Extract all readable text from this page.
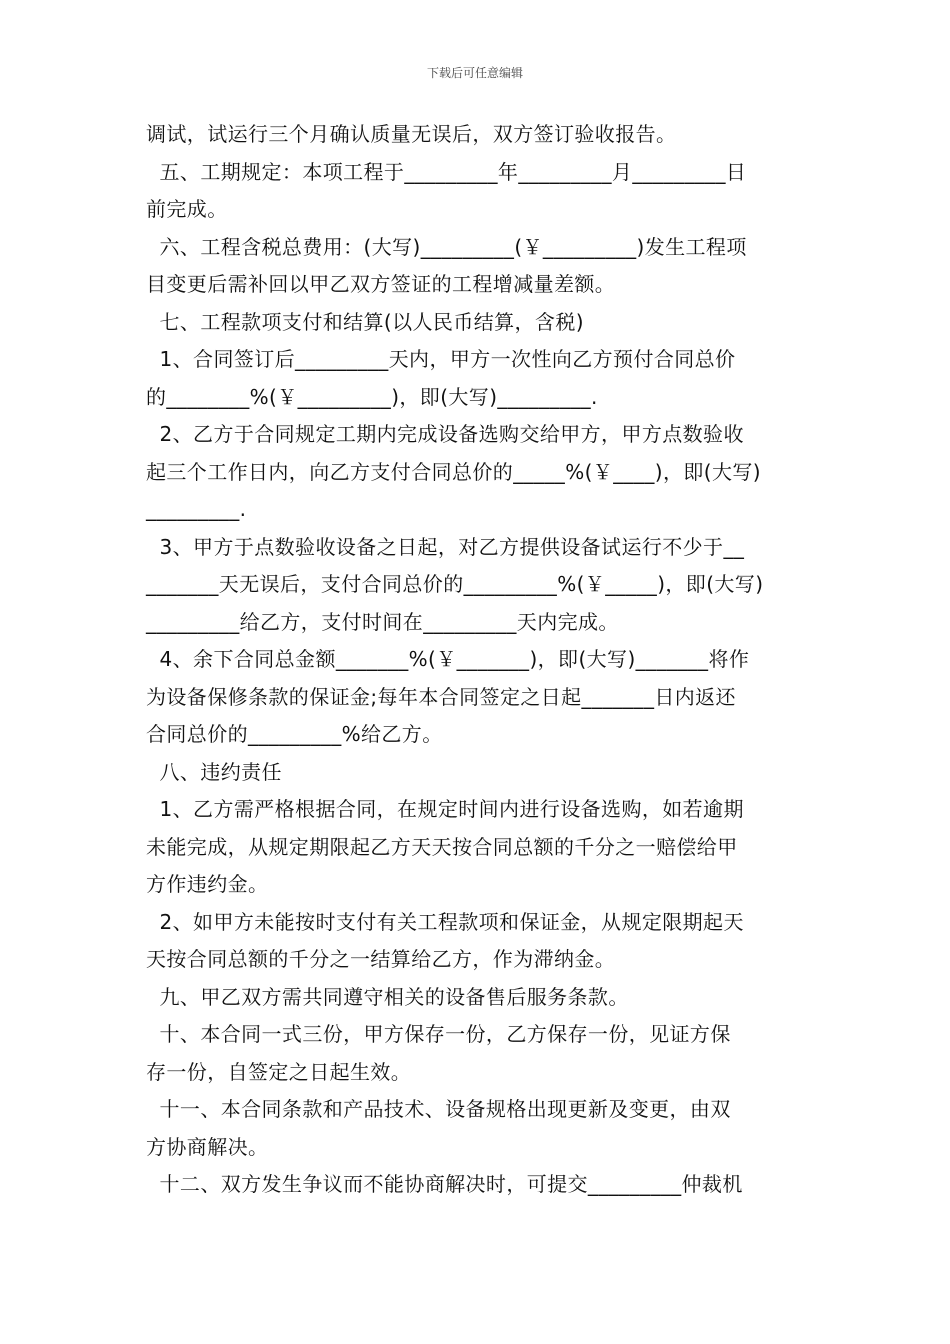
下载后可任意编辑
调试，试运行三个月确认质量无误后，双方签订验收报告。
五、工期规定：本项工程于_________年_________月_________日
前完成。
六、工程含税总费用：(大写)_________(￥_________)发生工程项
目变更后需补回以甲乙双方签证的工程增减量差额。
七、工程款项支付和结算(以人民币结算，含税)
1、合同签订后_________天内，甲方一次性向乙方预付合同总价
的________%(￥_________)，即(大写)_________.
2、乙方于合同规定工期内完成设备选购交给甲方，甲方点数验收
起三个工作日内，向乙方支付合同总价的_____%(￥____)，即(大写)
_________.
3、甲方于点数验收设备之日起，对乙方提供设备试运行不少于__
_______天无误后，支付合同总价的_________%(￥_____)，即(大写)
_________给乙方，支付时间在_________天内完成。
4、余下合同总金额_______%(￥_______)，即(大写)_______将作
为设备保修条款的保证金;每年本合同签定之日起_______日内返还
合同总价的_________%给乙方。
八、违约责任
1、乙方需严格根据合同，在规定时间内进行设备选购，如若逾期
未能完成，从规定期限起乙方天天按合同总额的千分之一赔偿给甲
方作违约金。
2、如甲方未能按时支付有关工程款项和保证金，从规定限期起天
天按合同总额的千分之一结算给乙方，作为滞纳金。
九、甲乙双方需共同遵守相关的设备售后服务条款。
十、本合同一式三份，甲方保存一份，乙方保存一份，见证方保
存一份，自签定之日起生效。
十一、本合同条款和产品技术、设备规格出现更新及变更，由双
方协商解决。
十二、双方发生争议而不能协商解决时，可提交_________仲裁机
